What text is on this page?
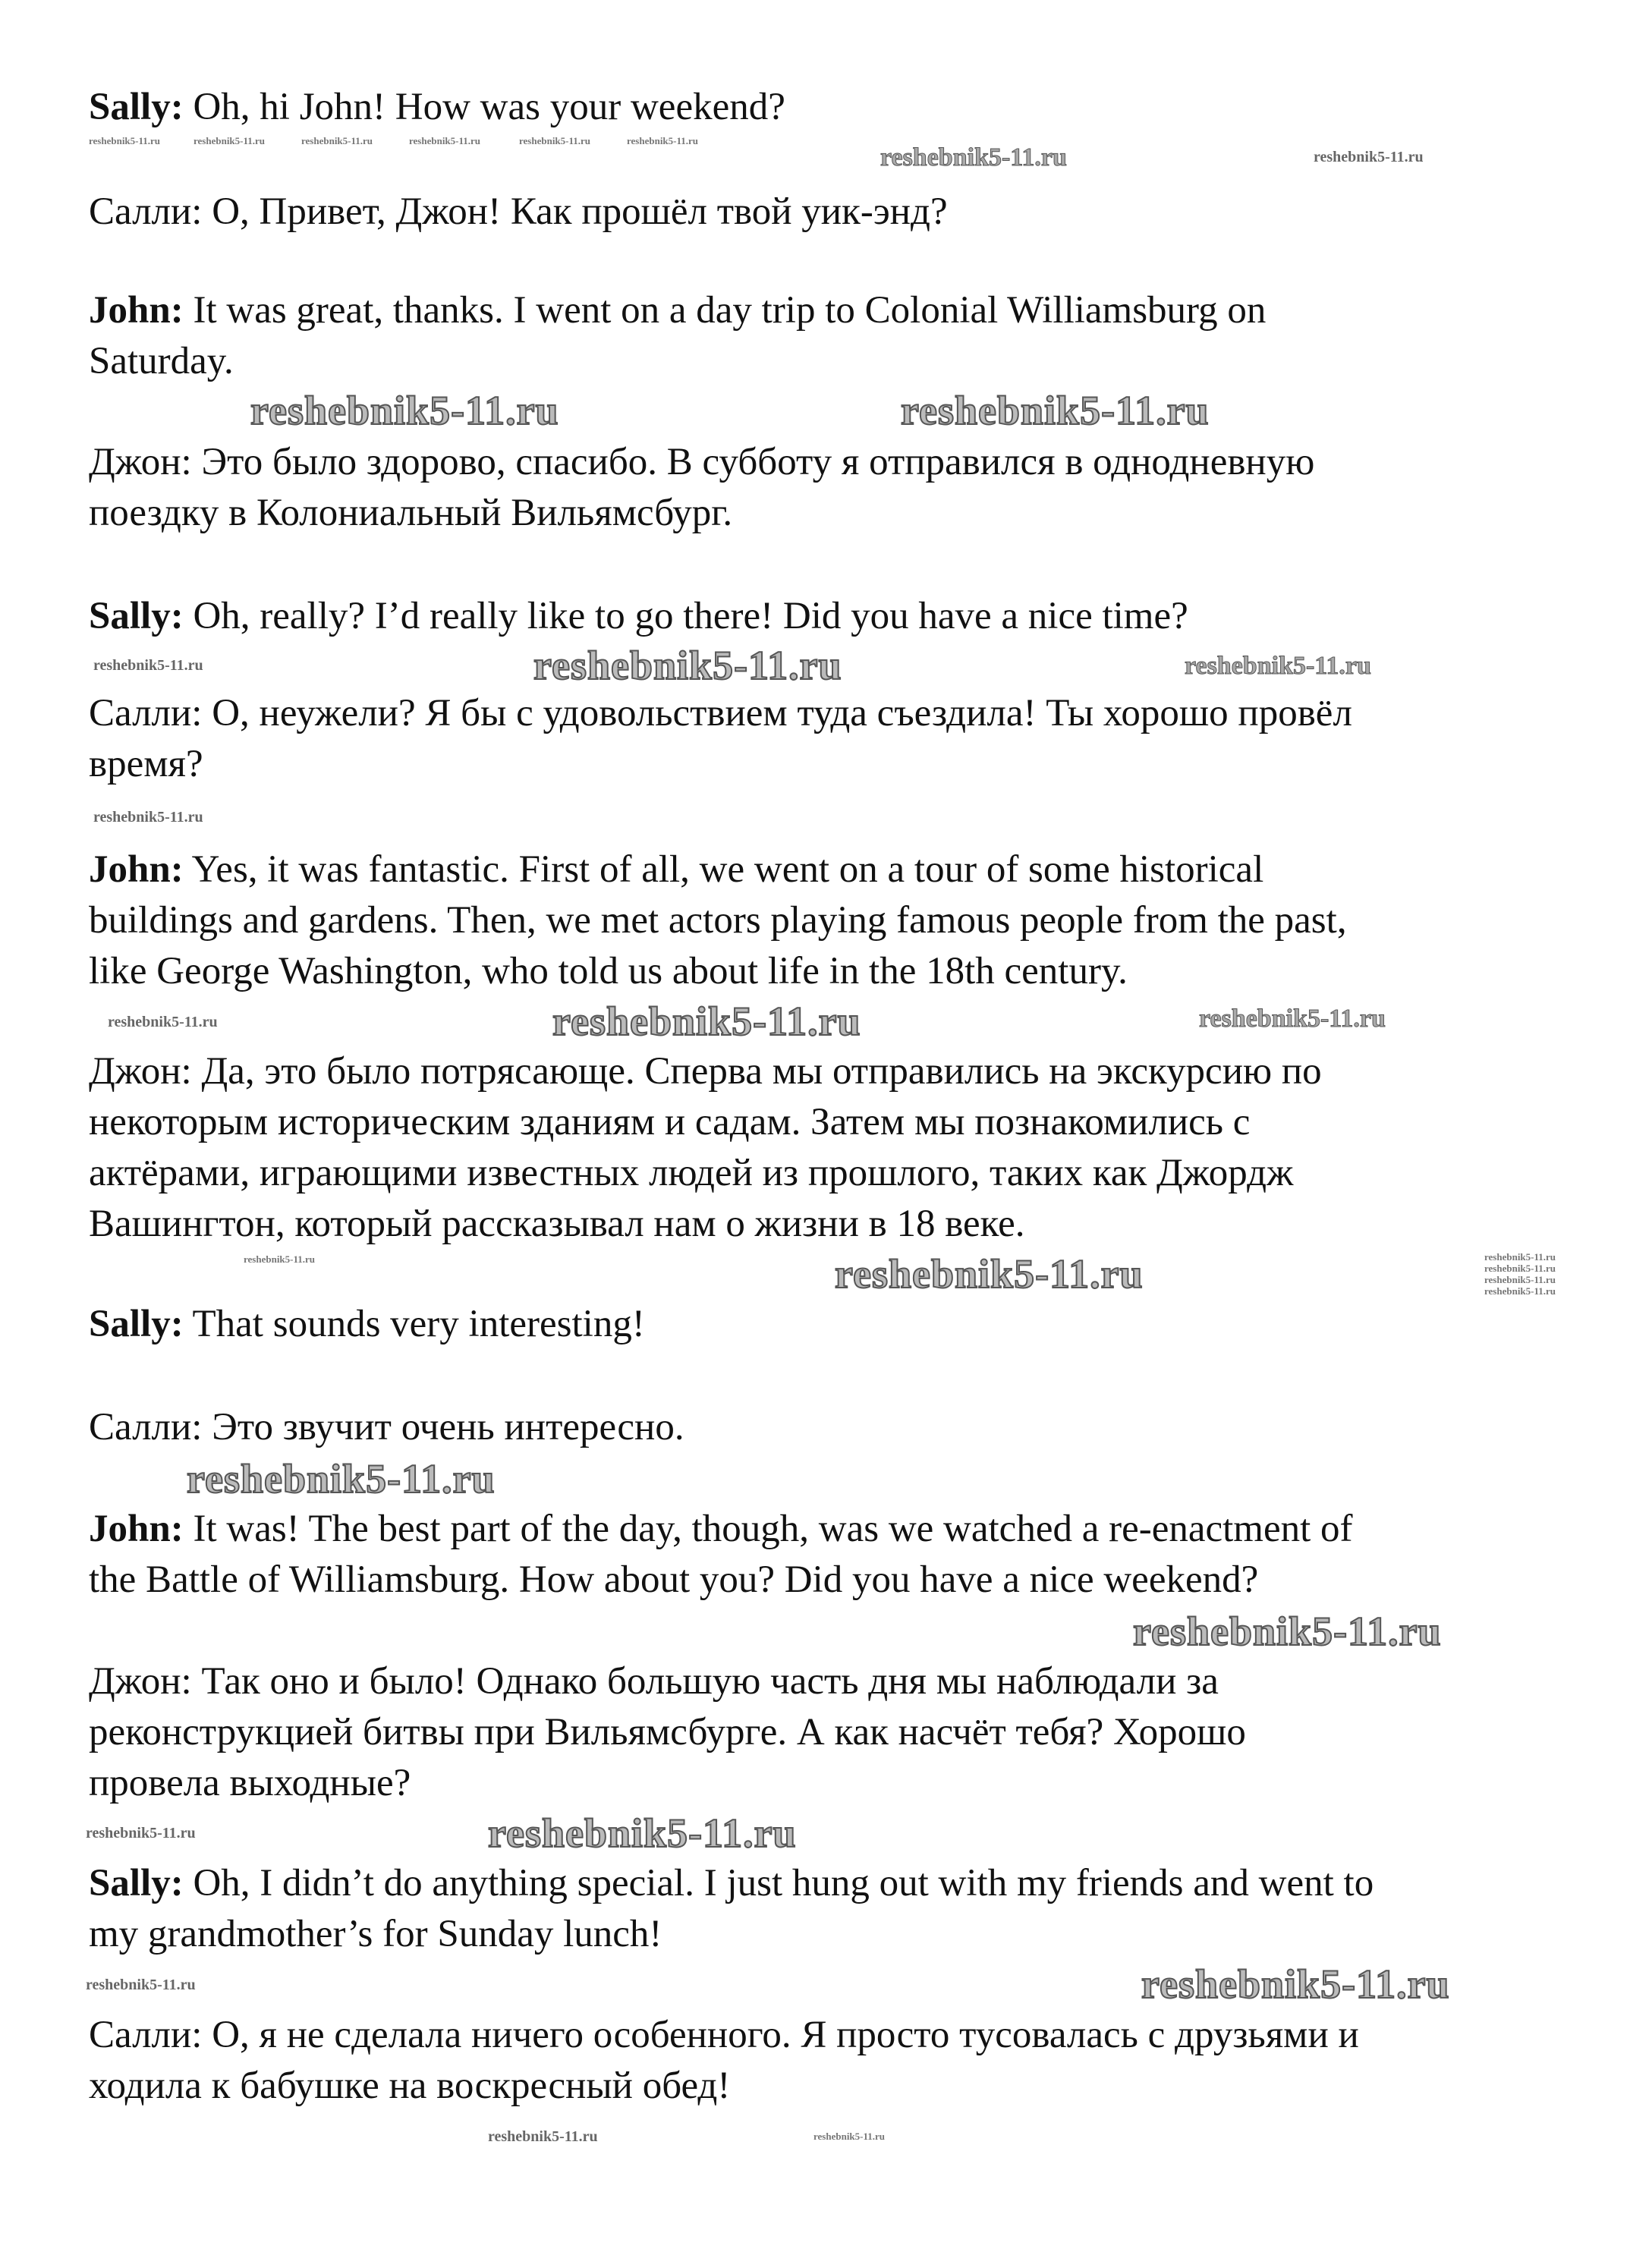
Sally: Oh, hi John! How was your weekend?
Салли: О, Привет, Джон! Как прошёл твой уик-энд?
John: It was great, thanks. I went on a day trip to Colonial Williamsburg on
Saturday.
Джон: Это было здорово, спасибо. В субботу я отправился в однодневную
поездку в Колониальный Вильямсбург.
Sally: Oh, really? I’d really like to go there! Did you have a nice time?
Салли: О, неужели? Я бы с удовольствием туда съездила! Ты хорошо провёл
время?
John: Yes, it was fantastic. First of all, we went on a tour of some historical
buildings and gardens. Then, we met actors playing famous people from the past,
like George Washington, who told us about life in the 18th century.
Джон: Да, это было потрясающе. Сперва мы отправились на экскурсию по
некоторым историческим зданиям и садам. Затем мы познакомились с
актёрами, играющими известных людей из прошлого, таких как Джордж
Вашингтон, который рассказывал нам о жизни в 18 веке.
Sally: That sounds very interesting!
Салли: Это звучит очень интересно.
John: It was! The best part of the day, though, was we watched a re-enactment of
the Battle of Williamsburg. How about you? Did you have a nice weekend?
Джон: Так оно и было! Однако большую часть дня мы наблюдали за
реконструкцией битвы при Вильямсбурге. А как насчёт тебя? Хорошо
провела выходные?
Sally: Oh, I didn’t do anything special. I just hung out with my friends and went to
my grandmother’s for Sunday lunch!
Салли: О, я не сделала ничего особенного. Я просто тусовалась с друзьями и
ходила к бабушке на воскресный обед!
reshebnik5-11.ru	reshebnik5-11.ru	reshebnik5-11.ru	reshebnik5-11.ru	reshebnik5-11.ru	reshebnik5-11.ru
reshebnik5-11.ru	reshebnik5-11.ru
reshebnik5-11.ru	reshebnik5-11.ru
reshebnik5-11.ru	reshebnik5-11.ru	reshebnik5-11.ru
reshebnik5-11.ru
reshebnik5-11.ru	reshebnik5-11.ru	reshebnik5-11.ru
reshebnik5-11.ru	reshebnik5-11.ru	reshebnik5-11.ru
reshebnik5-11.ru
reshebnik5-11.ru
reshebnik5-11.ru
reshebnik5-11.ru
reshebnik5-11.ru
reshebnik5-11.ru	reshebnik5-11.ru
reshebnik5-11.ru	reshebnik5-11.ru
reshebnik5-11.ru	reshebnik5-11.ru
